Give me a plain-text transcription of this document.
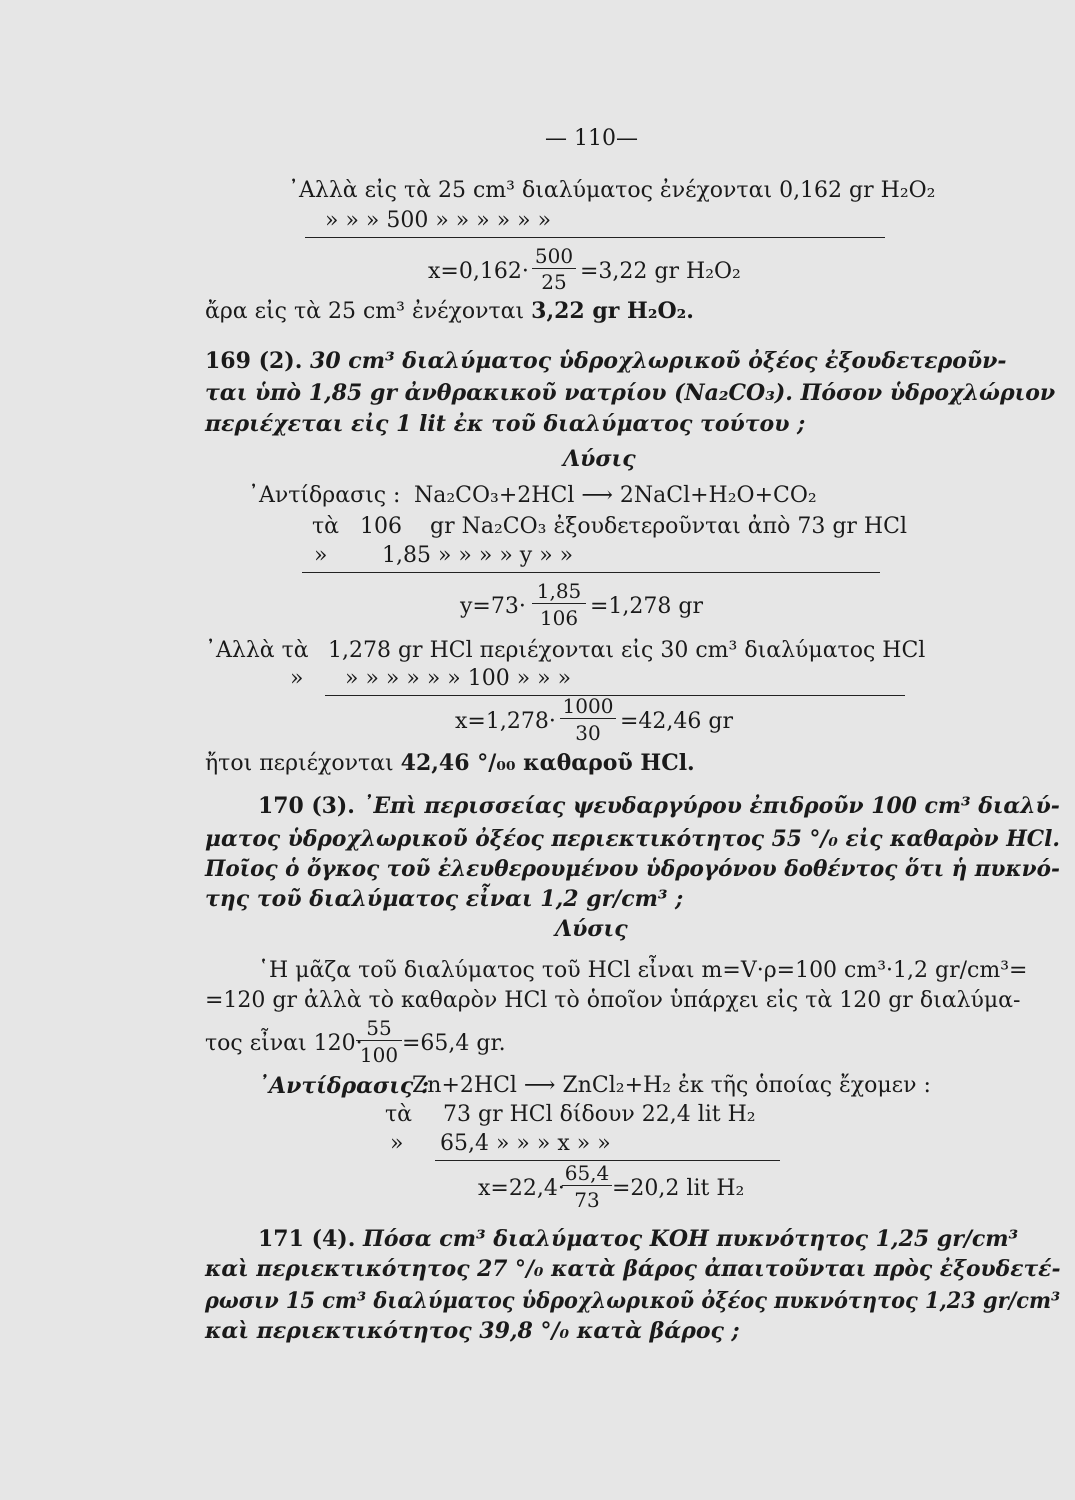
— 110—
᾿Αλλὰ εἰς τὰ 25 cm³ διαλύματος ἐνέχονται 0,162 gr H₂O₂
» » » 500 » » » » » »
x=0,162·
500
25 =3,22 gr H₂O₂
ἄρα εἰς τὰ 25 cm³ ἐνέχονται 3,22 gr H₂O₂.
169 (2). 30 cm³ διαλύματος ὑδροχλωρικοῦ ὀξέος ἐξουδετεροῦν-
ται ὑπὸ 1,85 gr ἀνθρακικοῦ νατρίου (Na₂CO₃). Πόσον ὑδροχλώριον
περιέχεται εἰς 1 lit ἐκ τοῦ διαλύματος τούτου ;
Λύσις
᾿Αντίδρασις : Na₂CO₃+2HCl ⟶ 2NaCl+H₂O+CO₂
τὰ 106 gr Na₂CO₃ ἐξουδετεροῦνται ἀπὸ 73 gr HCl
» 1,85 » » » » y » »
y=73·
1,85
106 =1,278 gr
᾿Αλλὰ τὰ 1,278 gr HCl περιέχονται εἰς 30 cm³ διαλύματος HCl
» » » » » » » 100 » » »
x=1,278·
1000
30 =42,46 gr
ἤτοι περιέχονται 42,46 °/₀₀ καθαροῦ HCl.
170 (3). ᾿Επὶ περισσείας ψευδαργύρου ἐπιδροῦν 100 cm³ διαλύ-
ματος ὑδροχλωρικοῦ ὀξέος περιεκτικότητος 55 °/₀ εἰς καθαρὸν HCl.
Ποῖος ὁ ὄγκος τοῦ ἐλευθερουμένου ὑδρογόνου δοθέντος ὅτι ἡ πυκνό-
της τοῦ διαλύματος εἶναι 1,2 gr/cm³ ;
Λύσις
῾Η μᾶζα τοῦ διαλύματος τοῦ HCl εἶναι m=V·ρ=100 cm³·1,2 gr/cm³=
=120 gr ἀλλὰ τὸ καθαρὸν HCl τὸ ὁποῖον ὑπάρχει εἰς τὰ 120 gr διαλύμα-
τος εἶναι 120·
55
100 =65,4 gr.
᾿Αντίδρασις :
Zn+2HCl ⟶ ZnCl₂+H₂ ἐκ τῆς ὁποίας ἔχομεν :
τὰ 73 gr HCl δίδουν 22,4 lit H₂
» 65,4 » » » x » »
x=22,4·
65,4
73 =20,2 lit H₂
171 (4). Πόσα cm³ διαλύματος ΚΟΗ πυκνότητος 1,25 gr/cm³
καὶ περιεκτικότητος 27 °/₀ κατὰ βάρος ἀπαιτοῦνται πρὸς ἐξουδετέ-
ρωσιν 15 cm³ διαλύματος ὑδροχλωρικοῦ ὀξέος πυκνότητος 1,23 gr/cm³
καὶ περιεκτικότητος 39,8 °/₀ κατὰ βάρος ;
